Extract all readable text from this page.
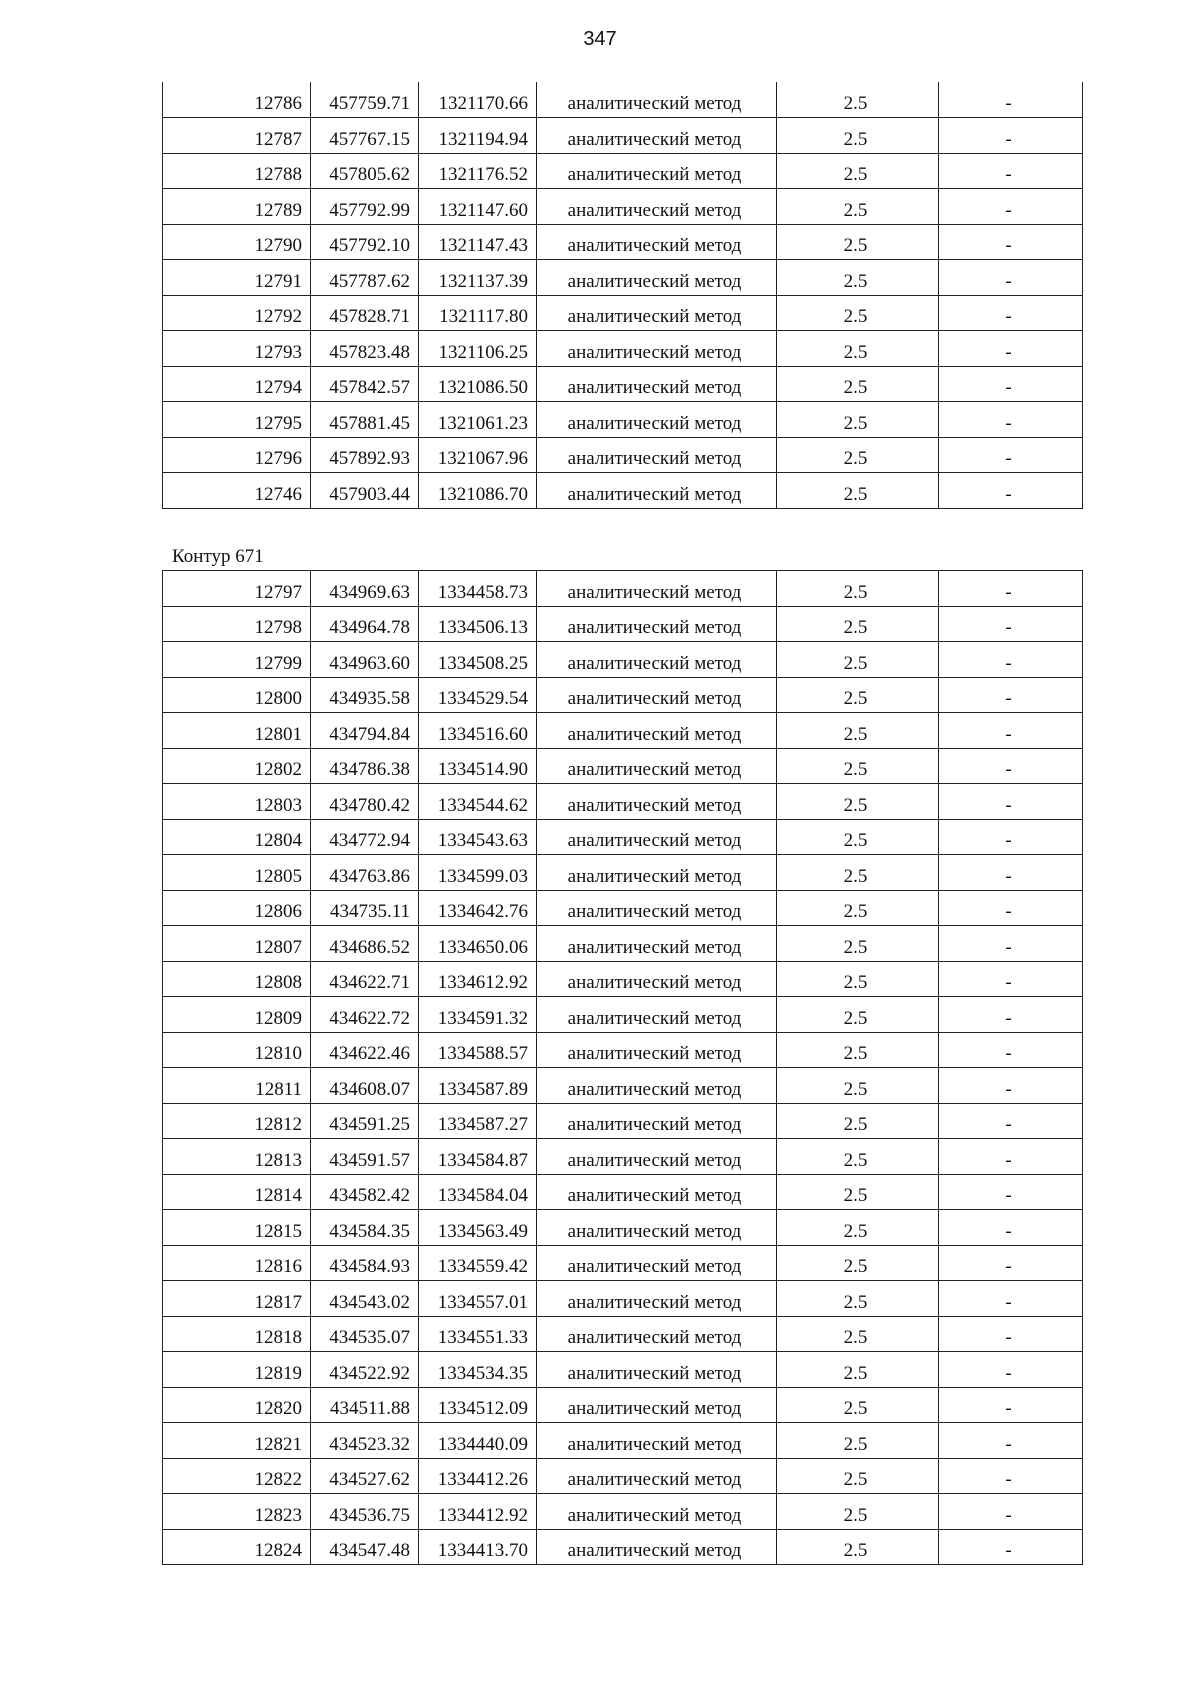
347
12786	457759.71	1321170.66	аналитический метод	2.5	-
12787	457767.15	1321194.94	аналитический метод	2.5	-
12788	457805.62	1321176.52	аналитический метод	2.5	-
12789	457792.99	1321147.60	аналитический метод	2.5	-
12790	457792.10	1321147.43	аналитический метод	2.5	-
12791	457787.62	1321137.39	аналитический метод	2.5	-
12792	457828.71	1321117.80	аналитический метод	2.5	-
12793	457823.48	1321106.25	аналитический метод	2.5	-
12794	457842.57	1321086.50	аналитический метод	2.5	-
12795	457881.45	1321061.23	аналитический метод	2.5	-
12796	457892.93	1321067.96	аналитический метод	2.5	-
12746	457903.44	1321086.70	аналитический метод	2.5	-
Контур 671
12797	434969.63	1334458.73	аналитический метод	2.5	-
12798	434964.78	1334506.13	аналитический метод	2.5	-
12799	434963.60	1334508.25	аналитический метод	2.5	-
12800	434935.58	1334529.54	аналитический метод	2.5	-
12801	434794.84	1334516.60	аналитический метод	2.5	-
12802	434786.38	1334514.90	аналитический метод	2.5	-
12803	434780.42	1334544.62	аналитический метод	2.5	-
12804	434772.94	1334543.63	аналитический метод	2.5	-
12805	434763.86	1334599.03	аналитический метод	2.5	-
12806	434735.11	1334642.76	аналитический метод	2.5	-
12807	434686.52	1334650.06	аналитический метод	2.5	-
12808	434622.71	1334612.92	аналитический метод	2.5	-
12809	434622.72	1334591.32	аналитический метод	2.5	-
12810	434622.46	1334588.57	аналитический метод	2.5	-
12811	434608.07	1334587.89	аналитический метод	2.5	-
12812	434591.25	1334587.27	аналитический метод	2.5	-
12813	434591.57	1334584.87	аналитический метод	2.5	-
12814	434582.42	1334584.04	аналитический метод	2.5	-
12815	434584.35	1334563.49	аналитический метод	2.5	-
12816	434584.93	1334559.42	аналитический метод	2.5	-
12817	434543.02	1334557.01	аналитический метод	2.5	-
12818	434535.07	1334551.33	аналитический метод	2.5	-
12819	434522.92	1334534.35	аналитический метод	2.5	-
12820	434511.88	1334512.09	аналитический метод	2.5	-
12821	434523.32	1334440.09	аналитический метод	2.5	-
12822	434527.62	1334412.26	аналитический метод	2.5	-
12823	434536.75	1334412.92	аналитический метод	2.5	-
12824	434547.48	1334413.70	аналитический метод	2.5	-
